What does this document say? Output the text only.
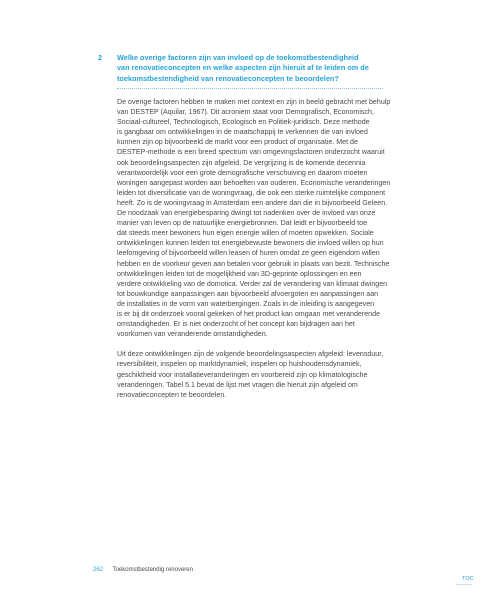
2 Welke overige factoren zijn van invloed op de toekomstbestendigheid
van renovatieconcepten en welke aspecten zijn hieruit af te leiden om de
toekomstbestendigheid van renovatieconcepten te beoordelen?

De overige factoren hebben te maken met context en zijn in beeld gebracht met behulp
van DESTEP (Aquilar, 1967). Dit acroniem staat voor Demografisch, Economisch,
Sociaal-cultureel, Technologisch, Ecologisch en Politiek-juridisch. Deze methode
is gangbaar om ontwikkelingen in de maatschappij te verkennen die van invloed
kunnen zijn op bijvoorbeeld de markt voor een product of organisatie. Met de
DESTEP-methode is een breed spectrum van omgevingsfactoren onderzocht waaruit
ook beoordelingsaspecten zijn afgeleid. De vergrijzing is de komende decennia
verantwoordelijk voor een grote demografische verschuiving en daarom moeten
woningen aangepast worden aan behoeften van ouderen. Economische veranderingen
leiden tot diversificatie van de woningvraag, die ook een sterke ruimtelijke component
heeft. Zo is de woningvraag in Amsterdam een andere dan die in bijvoorbeeld Geleen.
De noodzaak van energiebesparing dwingt tot nadenken over de invloed van onze
manier van leven op de natuurlijke energiebronnen. Dat leidt er bijvoorbeeld toe
dat steeds meer bewoners hun eigen energie willen of moeten opwekken. Sociale
ontwikkelingen kunnen leiden tot energiebewuste bewoners die invloed willen op hun
leefomgeving of bijvoorbeeld willen leasen of huren omdat ze geen eigendom willen
hebben en de voorkeur geven aan betalen voor gebruik in plaats van bezit. Technische
ontwikkelingen leiden tot de mogelijkheid van 3D-geprinte oplossingen en een
verdere ontwikkeling van de domotica. Verder zal de verandering van klimaat dwingen
tot bouwkundige aanpassingen aan bijvoorbeeld afvoergoten en aanpassingen aan
de installaties in de vorm van waterbergingen. Zoals in de inleiding is aangegeven
is er bij dit onderzoek vooral gekeken of het product kan omgaan met veranderende
omstandigheden. Er is niet onderzocht of het concept kan bijdragen aan het
voorkomen van veranderende omstandigheden.

Uit deze ontwikkelingen zijn de volgende beoordelingsaspecten afgeleid: levensduur,
reversibiliteit, inspelen op marktdynamiek, inspelen op huishoudensdynamiek,
geschiktheid voor installatieveranderingen en voorbereid zijn op klimatologische
veranderingen. Tabel 5.1 bevat de lijst met vragen die hieruit zijn afgeleid om
renovatieconcepten te beoordelen.

262 Toekomstbestendig renoveren
TOC
